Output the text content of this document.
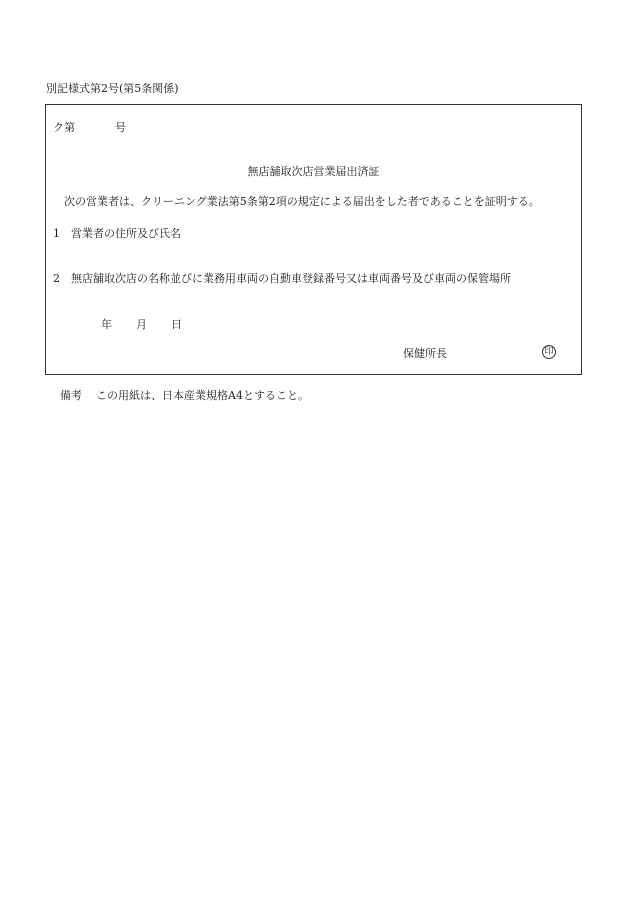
別記様式第2号(第5条関係)
ク第	号
無店舗取次店営業届出済証
次の営業者は、クリーニング業法第5条第2項の規定による届出をした者であることを証明する。
1 営業者の住所及び氏名
2 無店舗取次店の名称並びに業務用車両の自動車登録番号又は車両番号及び車両の保管場所
年 月 日
保健所長	印
備考 この用紙は、日本産業規格A4とすること。
